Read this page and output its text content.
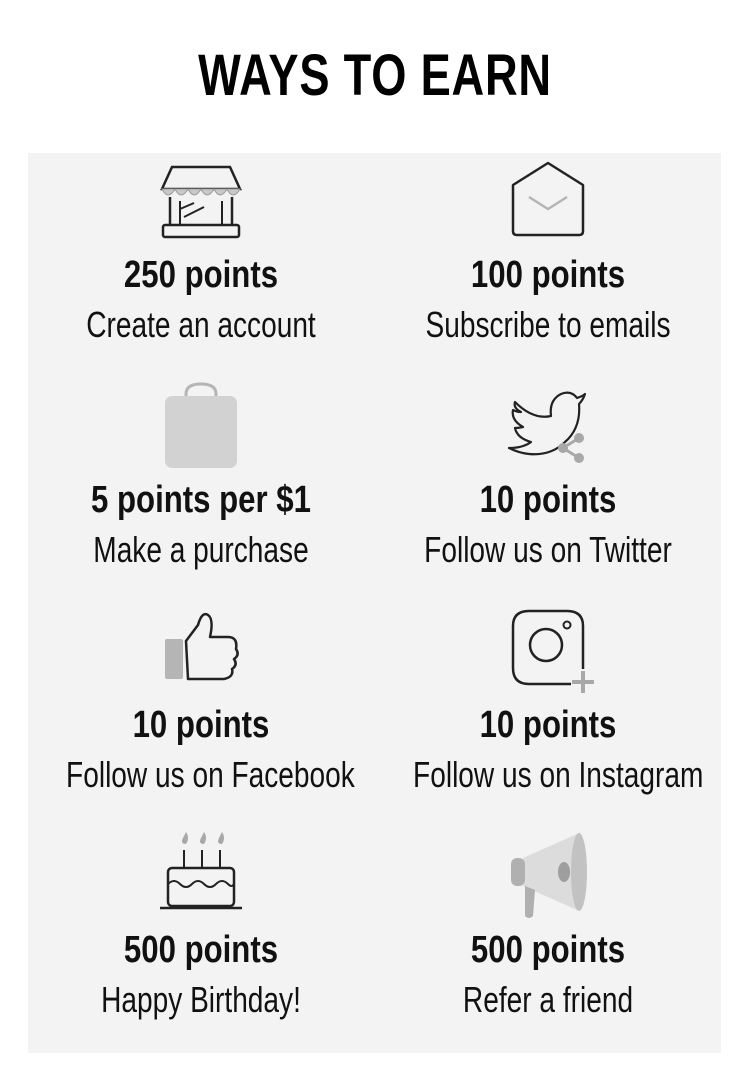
WAYS TO EARN
250 points
Create an account
100 points
Subscribe to emails
5 points per $1
Make a purchase
10 points
Follow us on Twitter
10 points
Follow us on Facebook
10 points
Follow us on Instagram
500 points
Happy Birthday!
500 points
Refer a friend
